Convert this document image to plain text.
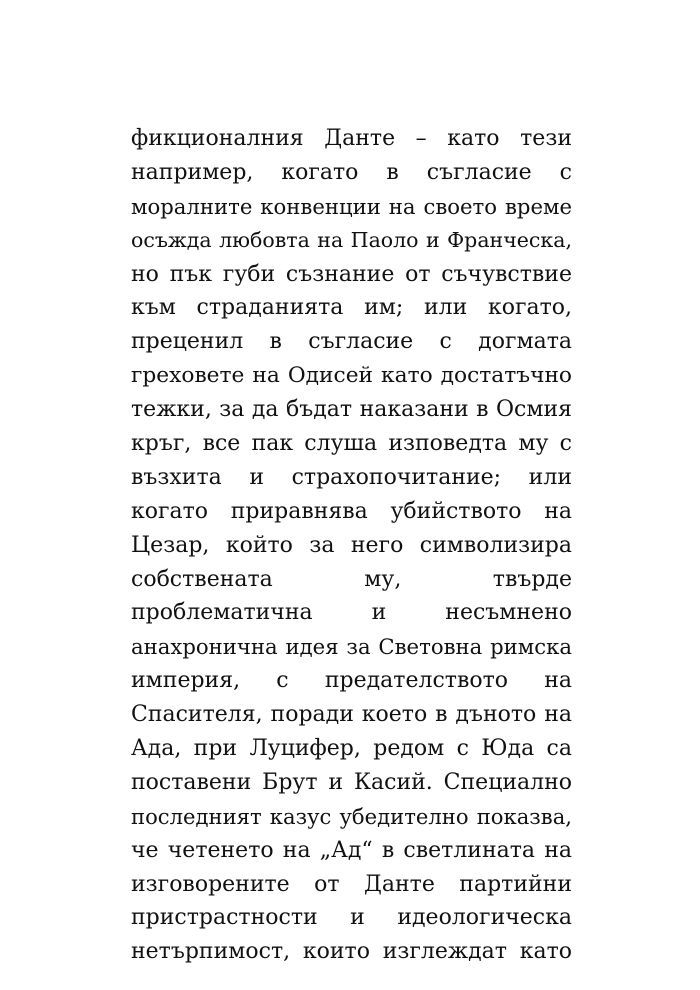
фикционалния Данте – като тези
например, когато в съгласие с
моралните конвенции на своето време
осъжда любовта на Паоло и Франческа,
но пък губи съзнание от съчувствие
към страданията им; или когато,
преценил в съгласие с догмата
греховете на Одисей като достатъчно
тежки, за да бъдат наказани в Осмия
кръг, все пак слуша изповедта му с
възхита и страхопочитание; или
когато приравнява убийството на
Цезар, който за него символизира
собствената му, твърде
проблематична и несъмнено
анахронична идея за Световна римска
империя, с предателството на
Спасителя, поради което в дъното на
Ада, при Луцифер, редом с Юда са
поставени Брут и Касий. Специално
последният казус убедително показва,
че четенето на „Ад“ в светлината на
изговорените от Данте партийни
пристрастности и идеологическа
нетърпимост, които изглеждат като
